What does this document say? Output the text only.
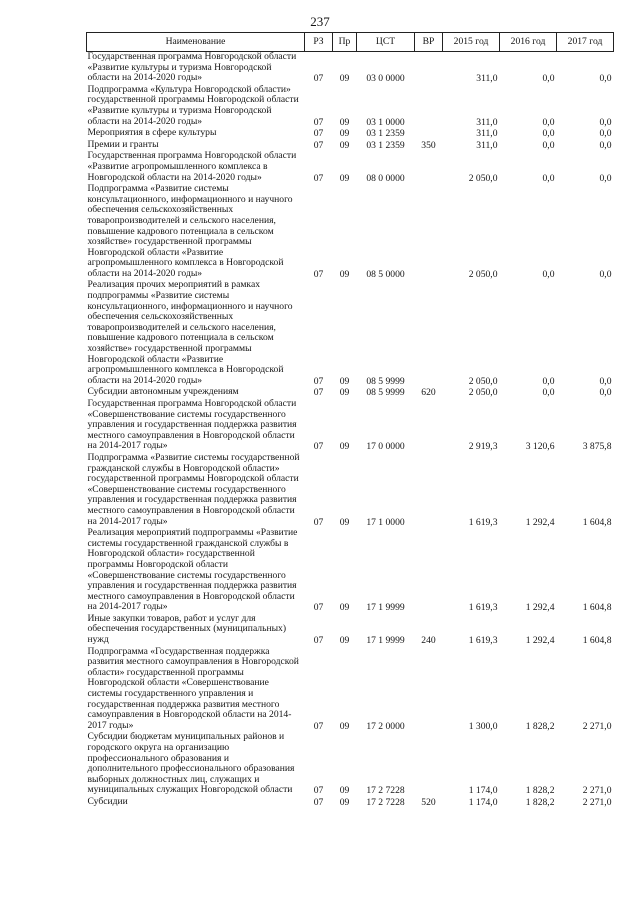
237
Наименование	РЗ	Пр	ЦСТ	ВР	2015 год	2016 год	2017 год
Государственная программа Новгородской области «Развитие культуры и туризма Новгородской области на 2014-2020 годы»	07	09	03 0 0000		311,0	0,0	0,0
Подпрограмма «Культура Новгородской области» государственной программы Новгородской области «Развитие культуры и туризма Новгородской области на 2014-2020 годы»	07	09	03 1 0000		311,0	0,0	0,0
Мероприятия в сфере культуры	07	09	03 1 2359		311,0	0,0	0,0
Премии и гранты	07	09	03 1 2359	350	311,0	0,0	0,0
Государственная программа Новгородской области «Развитие агропромышленного комплекса в Новгородской области на 2014-2020 годы»	07	09	08 0 0000		2 050,0	0,0	0,0
Подпрограмма «Развитие системы консультационного, информационного и научного обеспечения сельскохозяйственных товаропроизводителей и сельского населения, повышение кадрового потенциала в сельском хозяйстве» государственной программы Новгородской области «Развитие агропромышленного комплекса в Новгородской области на 2014-2020 годы»	07	09	08 5 0000		2 050,0	0,0	0,0
Реализация прочих мероприятий в рамках подпрограммы «Развитие системы консультационного, информационного и научного обеспечения сельскохозяйственных товаропроизводителей и сельского населения, повышение кадрового потенциала в сельском хозяйстве» государственной программы Новгородской области «Развитие агропромышленного комплекса в Новгородской области на 2014-2020 годы»	07	09	08 5 9999		2 050,0	0,0	0,0
Субсидии автономным учреждениям	07	09	08 5 9999	620	2 050,0	0,0	0,0
Государственная программа Новгородской области «Совершенствование системы государственного управления и государственная поддержка развития местного самоуправления в Новгородской области на 2014-2017 годы»	07	09	17 0 0000		2 919,3	3 120,6	3 875,8
Подпрограмма «Развитие системы государственной гражданской службы в Новгородской области» государственной программы Новгородской области «Совершенствование системы государственного управления и государственная поддержка развития местного самоуправления в Новгородской области на 2014-2017 годы»	07	09	17 1 0000		1 619,3	1 292,4	1 604,8
Реализация мероприятий подпрограммы «Развитие системы государственной гражданской службы в Новгородской области» государственной программы Новгородской области «Совершенствование системы государственного управления и государственная поддержка развития местного самоуправления в Новгородской области на 2014-2017 годы»	07	09	17 1 9999		1 619,3	1 292,4	1 604,8
Иные закупки товаров, работ и услуг для обеспечения государственных (муниципальных) нужд	07	09	17 1 9999	240	1 619,3	1 292,4	1 604,8
Подпрограмма «Государственная поддержка развития местного самоуправления в Новгородской области» государственной программы Новгородской области «Совершенствование системы государственного управления и государственная поддержка развития местного самоуправления в Новгородской области на 2014-2017 годы»	07	09	17 2 0000		1 300,0	1 828,2	2 271,0
Субсидии бюджетам муниципальных районов и городского округа на организацию профессионального образования и дополнительного профессионального образования выборных должностных лиц, служащих и муниципальных служащих Новгородской области	07	09	17 2 7228		1 174,0	1 828,2	2 271,0
Субсидии	07	09	17 2 7228	520	1 174,0	1 828,2	2 271,0
